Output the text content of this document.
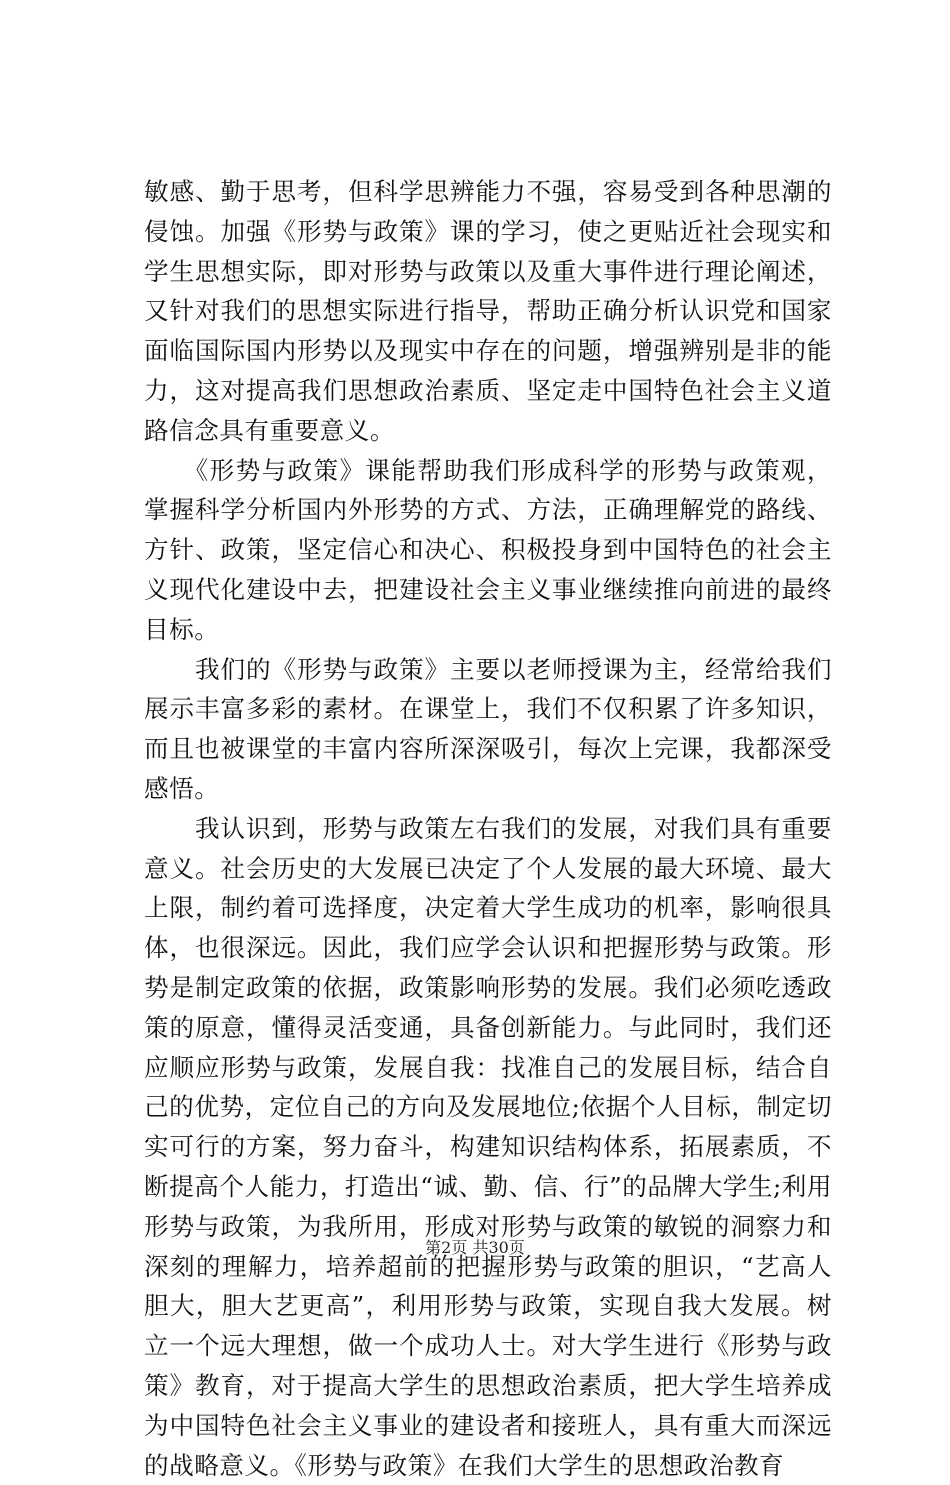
敏感、勤于思考，但科学思辨能力不强，容易受到各种思潮的侵蚀。加强《形势与政策》课的学习，使之更贴近社会现实和学生思想实际，即对形势与政策以及重大事件进行理论阐述，又针对我们的思想实际进行指导，帮助正确分析认识党和国家面临国际国内形势以及现实中存在的问题，增强辨别是非的能力，这对提高我们思想政治素质、坚定走中国特色社会主义道路信念具有重要意义。

　　《形势与政策》课能帮助我们形成科学的形势与政策观，掌握科学分析国内外形势的方式、方法，正确理解党的路线、方针、政策，坚定信心和决心、积极投身到中国特色的社会主义现代化建设中去，把建设社会主义事业继续推向前进的最终目标。

　　我们的《形势与政策》主要以老师授课为主，经常给我们展示丰富多彩的素材。在课堂上，我们不仅积累了许多知识，而且也被课堂的丰富内容所深深吸引，每次上完课，我都深受感悟。

　　我认识到，形势与政策左右我们的发展，对我们具有重要意义。社会历史的大发展已决定了个人发展的最大环境、最大上限，制约着可选择度，决定着大学生成功的机率，影响很具体，也很深远。因此，我们应学会认识和把握形势与政策。形势是制定政策的依据，政策影响形势的发展。我们必须吃透政策的原意，懂得灵活变通，具备创新能力。与此同时，我们还应顺应形势与政策，发展自我：找准自己的发展目标，结合自己的优势，定位自己的方向及发展地位;依据个人目标，制定切实可行的方案，努力奋斗，构建知识结构体系，拓展素质，不断提高个人能力，打造出“诚、勤、信、行”的品牌大学生;利用形势与政策，为我所用，形成对形势与政策的敏锐的洞察力和深刻的理解力，培养超前的把握形势与政策的胆识，“艺高人胆大，胆大艺更高”，利用形势与政策，实现自我大发展。树立一个远大理想，做一个成功人士。对大学生进行《形势与政策》教育，对于提高大学生的思想政治素质，把大学生培养成为中国特色社会主义事业的建设者和接班人，具有重大而深远的战略意义。《形势与政策》在我们大学生的思想政治教育

第2页 共30页
